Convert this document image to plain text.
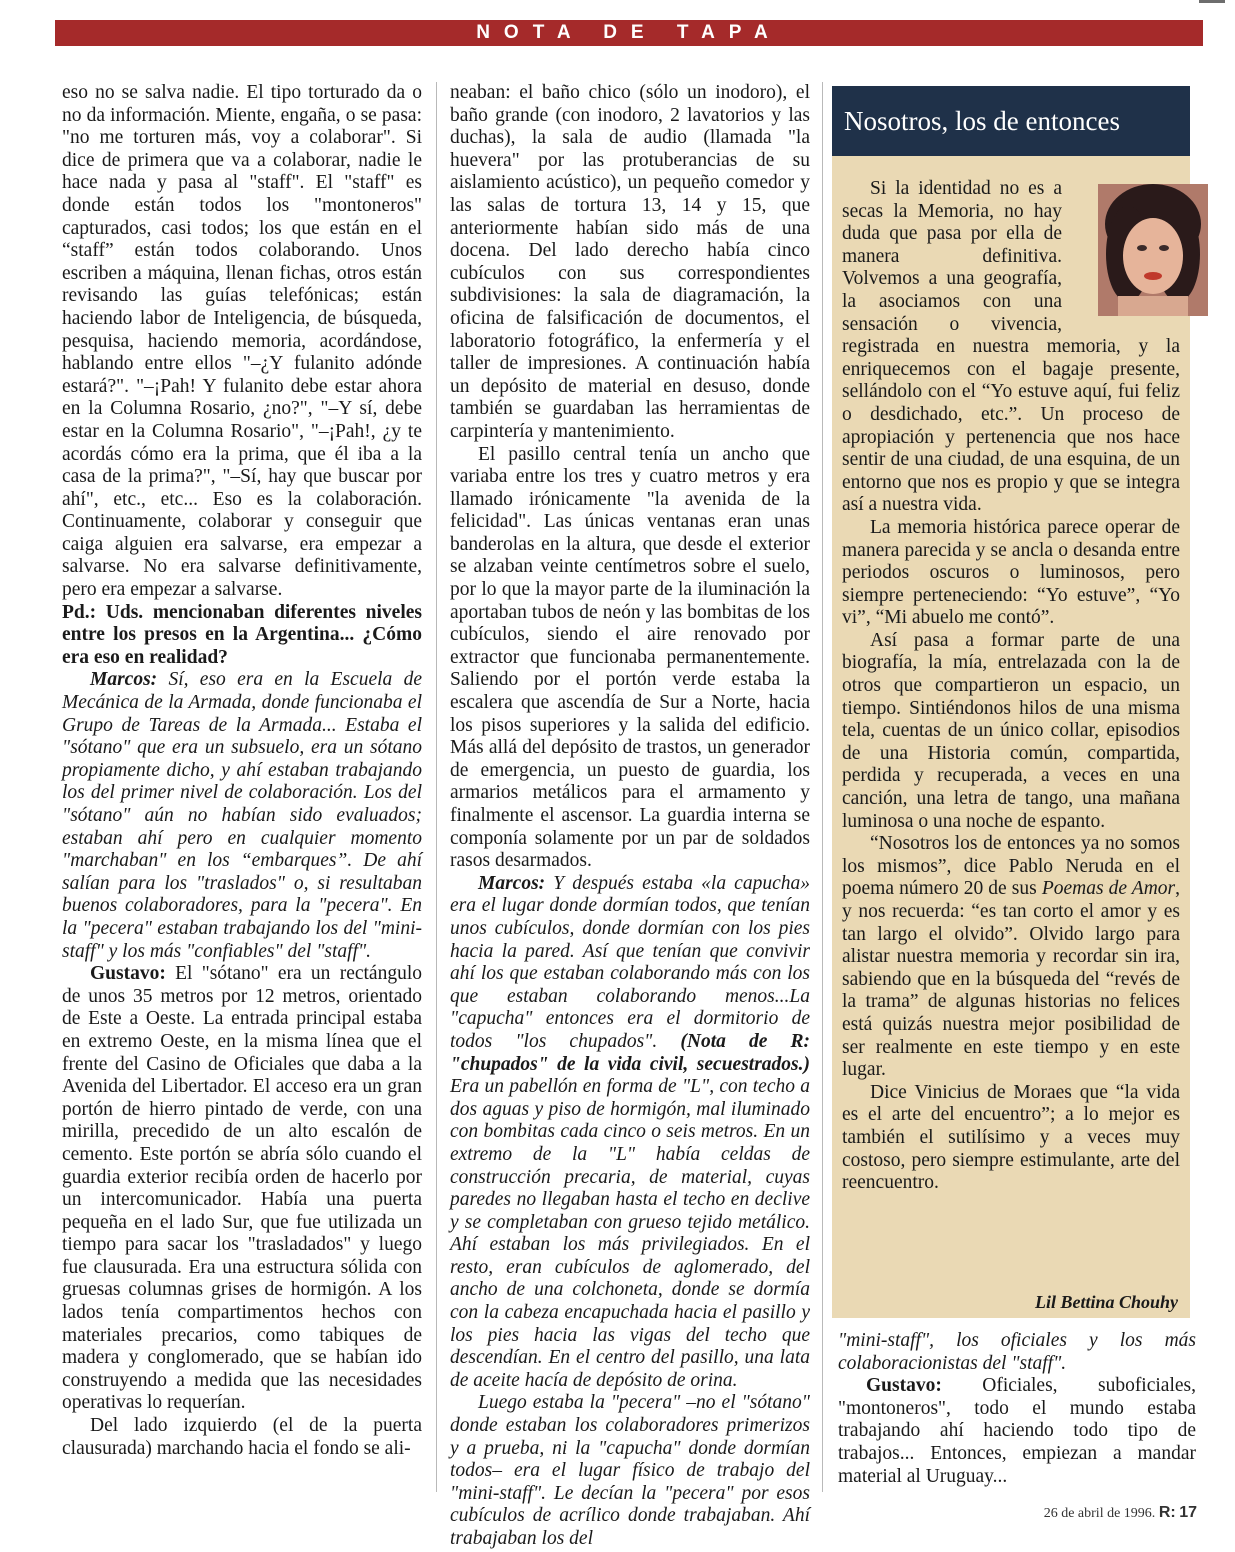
NOTA DE TAPA

eso no se salva nadie. El tipo torturado da o no da información. Miente, engaña, o se pasa: "no me torturen más, voy a colaborar". Si dice de primera que va a colaborar, nadie le hace nada y pasa al "staff". El "staff" es donde están todos los "montoneros" capturados, casi todos; los que están en el “staff” están todos colaborando. Unos escriben a máquina, llenan fichas, otros están revisando las guías telefónicas; están haciendo labor de Inteligencia, de búsqueda, pesquisa, haciendo memoria, acordándose, hablando entre ellos "–¿Y fulanito adónde estará?". "–¡Pah! Y fulanito debe estar ahora en la Columna Rosario, ¿no?", "–Y sí, debe estar en la Columna Rosario", "–¡Pah!, ¿y te acordás cómo era la prima, que él iba a la casa de la prima?", "–Sí, hay que buscar por ahí", etc., etc... Eso es la colaboración. Continuamente, colaborar y conseguir que caiga alguien era salvarse, era empezar a salvarse. No era salvarse definitivamente, pero era empezar a salvarse.

Pd.: Uds. mencionaban diferentes niveles entre los presos en la Argentina... ¿Cómo era eso en realidad?

Marcos: Sí, eso era en la Escuela de Mecánica de la Armada, donde funcionaba el Grupo de Tareas de la Armada... Estaba el "sótano" que era un subsuelo, era un sótano propiamente dicho, y ahí estaban trabajando los del primer nivel de colaboración. Los del "sótano" aún no habían sido evaluados; estaban ahí pero en cualquier momento "marchaban" en los “embarques”. De ahí salían para los "traslados" o, si resultaban buenos colaboradores, para la "pecera". En la "pecera" estaban trabajando los del "mini-staff" y los más "confiables" del "staff".

Gustavo: El "sótano" era un rectángulo de unos 35 metros por 12 metros, orientado de Este a Oeste. La entrada principal estaba en extremo Oeste, en la misma línea que el frente del Casino de Oficiales que daba a la Avenida del Libertador. El acceso era un gran portón de hierro pintado de verde, con una mirilla, precedido de un alto escalón de cemento. Este portón se abría sólo cuando el guardia exterior recibía orden de hacerlo por un intercomunicador. Había una puerta pequeña en el lado Sur, que fue utilizada un tiempo para sacar los "trasladados" y luego fue clausurada. Era una estructura sólida con gruesas columnas grises de hormigón. A los lados tenía compartimentos hechos con materiales precarios, como tabiques de madera y conglomerado, que se habían ido construyendo a medida que las necesidades operativas lo requerían.

Del lado izquierdo (el de la puerta clausurada) marchando hacia el fondo se ali-

neaban: el baño chico (sólo un inodoro), el baño grande (con inodoro, 2 lavatorios y las duchas), la sala de audio (llamada "la huevera" por las protuberancias de su aislamiento acústico), un pequeño comedor y las salas de tortura 13, 14 y 15, que anteriormente habían sido más de una docena. Del lado derecho había cinco cubículos con sus correspondientes subdivisiones: la sala de diagramación, la oficina de falsificación de documentos, el laboratorio fotográfico, la enfermería y el taller de impresiones. A continuación había un depósito de material en desuso, donde también se guardaban las herramientas de carpintería y mantenimiento.

El pasillo central tenía un ancho que variaba entre los tres y cuatro metros y era llamado irónicamente "la avenida de la felicidad". Las únicas ventanas eran unas banderolas en la altura, que desde el exterior se alzaban veinte centímetros sobre el suelo, por lo que la mayor parte de la iluminación la aportaban tubos de neón y las bombitas de los cubículos, siendo el aire renovado por extractor que funcionaba permanentemente. Saliendo por el portón verde estaba la escalera que ascendía de Sur a Norte, hacia los pisos superiores y la salida del edificio. Más allá del depósito de trastos, un generador de emergencia, un puesto de guardia, los armarios metálicos para el armamento y finalmente el ascensor. La guardia interna se componía solamente por un par de soldados rasos desarmados.

Marcos: Y después estaba «la capucha» era el lugar donde dormían todos, que tenían unos cubículos, donde dormían con los pies hacia la pared. Así que tenían que convivir ahí los que estaban colaborando más con los que estaban colaborando menos...La "capucha" entonces era el dormitorio de todos "los chupados". (Nota de R: "chupados" de la vida civil, secuestrados.) Era un pabellón en forma de "L", con techo a dos aguas y piso de hormigón, mal iluminado con bombitas cada cinco o seis metros. En un extremo de la "L" había celdas de construcción precaria, de material, cuyas paredes no llegaban hasta el techo en declive y se completaban con grueso tejido metálico. Ahí estaban los más privilegiados. En el resto, eran cubículos de aglomerado, del ancho de una colchoneta, donde se dormía con la cabeza encapuchada hacia el pasillo y los pies hacia las vigas del techo que descendían. En el centro del pasillo, una lata de aceite hacía de depósito de orina.

Luego estaba la "pecera" –no el "sótano" donde estaban los colaboradores primerizos y a prueba, ni la "capucha" donde dormían todos– era el lugar físico de trabajo del "mini-staff". Le decían la "pecera" por esos cubículos de acrílico donde trabajaban. Ahí trabajaban los del

Nosotros, los de entonces

Si la identidad no es a secas la Memoria, no hay duda que pasa por ella de manera definitiva. Volvemos a una geografía, la asociamos con una sensación o vivencia, registrada en nuestra memoria, y la enriquecemos con el bagaje presente, sellándolo con el “Yo estuve aquí, fui feliz o desdichado, etc.”. Un proceso de apropiación y pertenencia que nos hace sentir de una ciudad, de una esquina, de un entorno que nos es propio y que se integra así a nuestra vida.

La memoria histórica parece operar de manera parecida y se ancla o desanda entre periodos oscuros o luminosos, pero siempre perteneciendo: “Yo estuve”, “Yo vi”, “Mi abuelo me contó”.

Así pasa a formar parte de una biografía, la mía, entrelazada con la de otros que compartieron un espacio, un tiempo. Sintiéndonos hilos de una misma tela, cuentas de un único collar, episodios de una Historia común, compartida, perdida y recuperada, a veces en una canción, una letra de tango, una mañana luminosa o una noche de espanto.

“Nosotros los de entonces ya no somos los mismos”, dice Pablo Neruda en el poema número 20 de sus Poemas de Amor, y nos recuerda: “es tan corto el amor y es tan largo el olvido”. Olvido largo para alistar nuestra memoria y recordar sin ira, sabiendo que en la búsqueda del “revés de la trama” de algunas historias no felices está quizás nuestra mejor posibilidad de ser realmente en este tiempo y en este lugar.

Dice Vinicius de Moraes que “la vida es el arte del encuentro”; a lo mejor es también el sutilísimo y a veces muy costoso, pero siempre estimulante, arte del reencuentro.

Lil Bettina Chouhy

"mini-staff", los oficiales y los más colaboracionistas del "staff".

Gustavo: Oficiales, suboficiales, "montoneros", todo el mundo estaba trabajando ahí haciendo todo tipo de trabajos... Entonces, empiezan a mandar material al Uruguay...

26 de abril de 1996. R: 17
